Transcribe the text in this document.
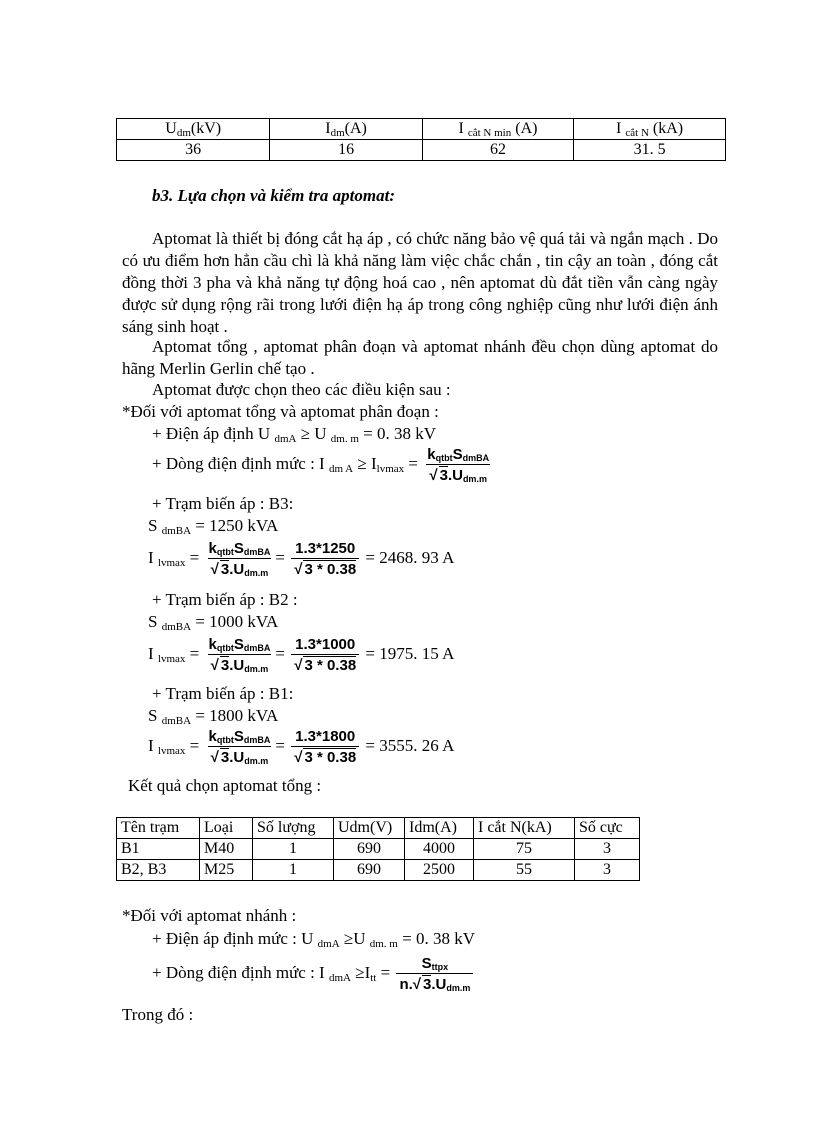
$U_{dm}(kV)$	$I_{dm}(A)$	I $_{cắt N min}$ (A)	I $_{cắt N}$ (kA)
36	16	62	31. 5
b3. Lựa chọn và kiểm tra aptomat:
Aptomat là thiết bị đóng cắt hạ áp , có chức năng bảo vệ quá tải và ngắn mạch . Do có ưu điểm hơn hẳn cầu chì là khả năng làm việc chắc chắn , tin cậy an toàn , đóng cắt đồng thời 3 pha và khả năng tự động hoá cao , nên aptomat dù đắt tiền vẫn càng ngày được sử dụng rộng rãi trong lưới điện hạ áp trong công nghiệp cũng như lưới điện ánh sáng sinh hoạt .
Aptomat tổng , aptomat phân đoạn và aptomat nhánh đều chọn dùng aptomat do hãng Merlin Gerlin chế tạo .
Aptomat được chọn theo các điều kiện sau :
*Đối với aptomat tổng và aptomat phân đoạn :
+ Điện áp định U $_{dmA}$ ≥ U $_{dm. m}$ = 0. 38 kV
+ Dòng điện định mức : I $_{dm A} \ge I_{lvmax} = \frac{k_{qtbt}S_{dmBA}}{√ 3.U_{dm.m}}$
+ Trạm biến áp : B3:
S $_{dmBA}$ = 1250 kVA
I $_{lvmax} = \frac{k_{qtbt}S_{dmBA}}{√ 3.U_{dm.m}} = \frac{1.3*1250}{√ 3 * 0.38} = 2468$. 93 A
+ Trạm biến áp : B2 :
S $_{dmBA}$ = 1000 kVA
I $_{lvmax} = \frac{k_{qtbt}S_{dmBA}}{√ 3.U_{dm.m}} = \frac{1.3*1000}{√ 3 * 0.38} = 1975$. 15 A
+ Trạm biến áp : B1:
S $_{dmBA}$ = 1800 kVA
I $_{lvmax} = \frac{k_{qtbt}S_{dmBA}}{√ 3.U_{dm.m}} = \frac{1.3*1800}{√ 3 * 0.38} = 3555$. 26 A
Kết quả chọn aptomat tổng :
Tên trạm	Loại	Số lượng	Udm(V)	Idm(A)	I cắt N(kA)	Số cực
B1	M40	1	690	4000	75	3
B2, B3	M25	1	690	2500	55	3
*Đối với aptomat nhánh :
+ Điện áp định mức : U $_{dmA}$ ≥U $_{dm. m}$ = 0. 38 kV
+ Dòng điện định mức : I $_{dmA} \ge I_{tt} = \frac{S_{ttpx}}{n.√ 3.U_{dm.m}}$
Trong đó :
